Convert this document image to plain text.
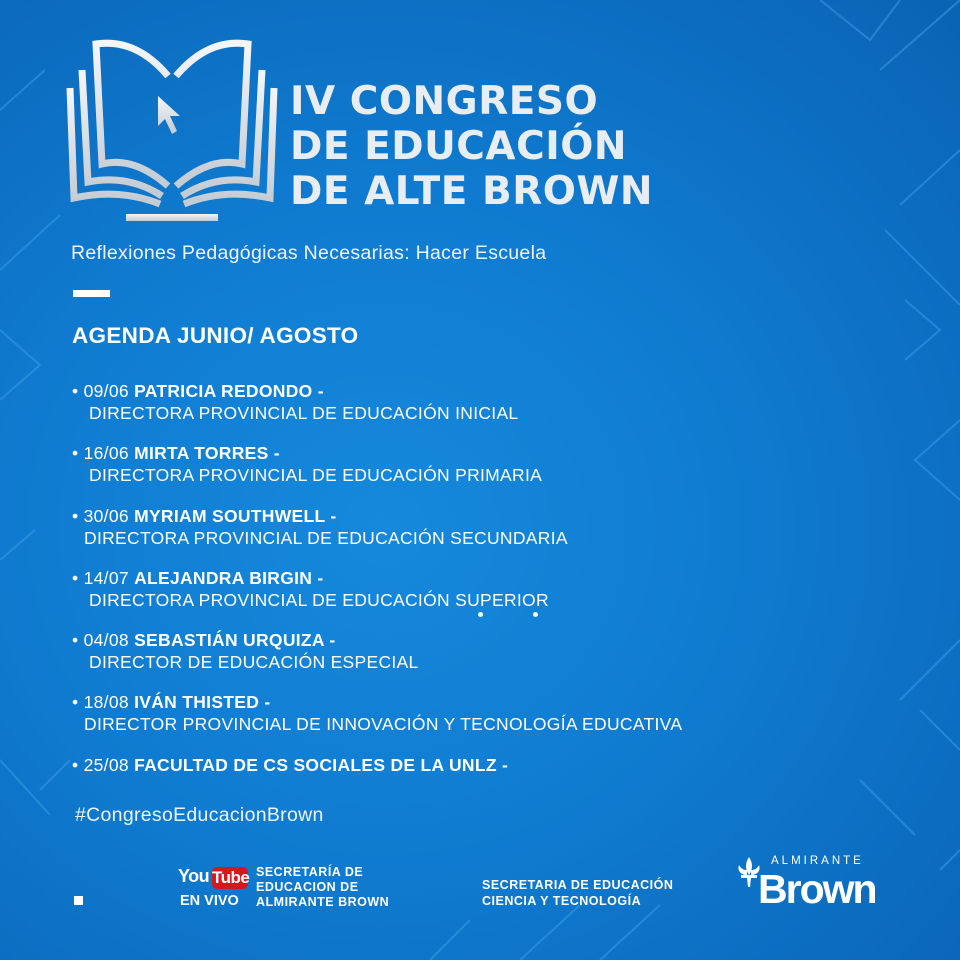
IV CONGRESO
DE EDUCACIÓN
DE ALTE BROWN
Reflexiones Pedagógicas Necesarias: Hacer Escuela
AGENDA JUNIO/ AGOSTO
• 09/06 PATRICIA REDONDO -
DIRECTORA PROVINCIAL DE EDUCACIÓN INICIAL
• 16/06 MIRTA TORRES -
DIRECTORA PROVINCIAL DE EDUCACIÓN PRIMARIA
• 30/06 MYRIAM SOUTHWELL -
DIRECTORA PROVINCIAL DE EDUCACIÓN SECUNDARIA
• 14/07 ALEJANDRA BIRGIN -
DIRECTORA PROVINCIAL DE EDUCACIÓN SUPERIOR
• 04/08 SEBASTIÁN URQUIZA -
DIRECTOR DE EDUCACIÓN ESPECIAL
• 18/08 IVÁN THISTED -
DIRECTOR PROVINCIAL DE INNOVACIÓN Y TECNOLOGÍA EDUCATIVA
• 25/08 FACULTAD DE CS SOCIALES DE LA UNLZ -
#CongresoEducacionBrown
You Tube
EN VIVO
SECRETARÍA DE
EDUCACION DE
ALMIRANTE BROWN
SECRETARIA DE EDUCACIÓN
CIENCIA Y TECNOLOGÍA
ALMIRANTE
Brown
